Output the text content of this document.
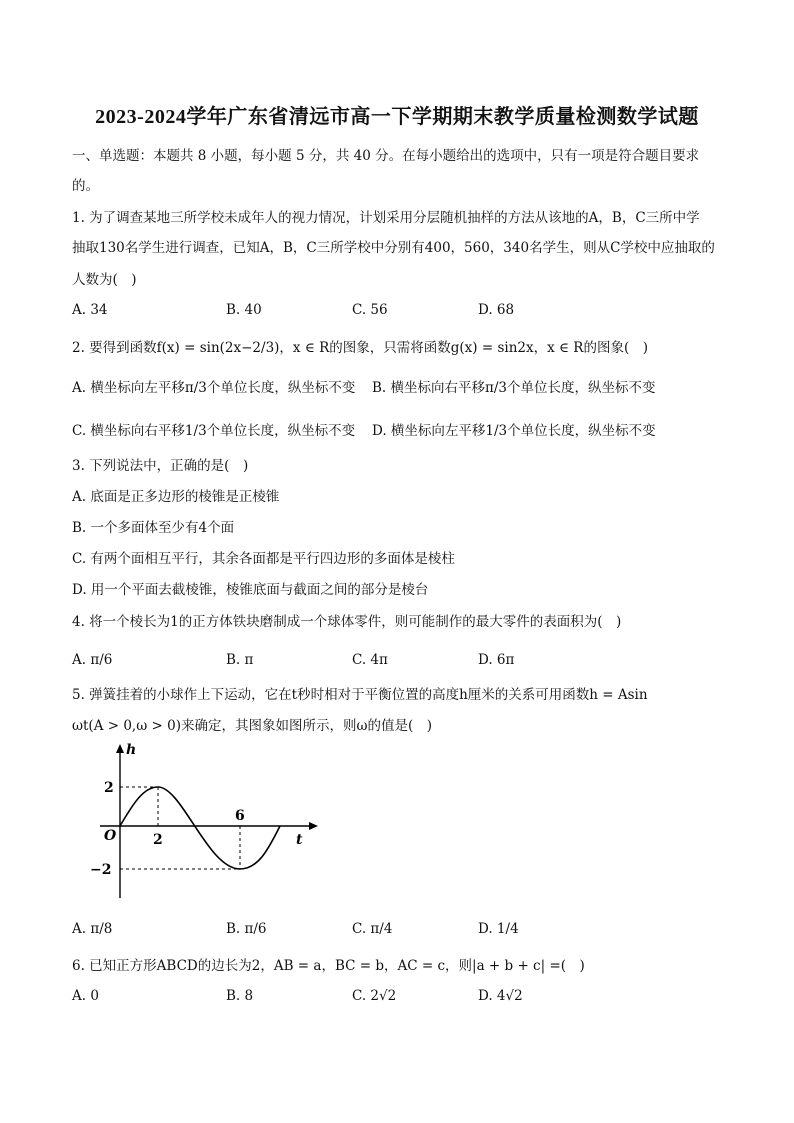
2023-2024学年广东省清远市高一下学期期末教学质量检测数学试题
一、单选题：本题共 8 小题，每小题 5 分，共 40 分。在每小题给出的选项中，只有一项是符合题目要求
的。
1. 为了调查某地三所学校未成年人的视力情况，计划采用分层随机抽样的方法从该地的A，B，C三所中学
抽取130名学生进行调查，已知A，B，C三所学校中分别有400，560，340名学生，则从C学校中应抽取的
人数为(　)
A. 34	B. 40	C. 56	D. 68
2. 要得到函数f(x) = sin(2x−2/3)，x ∈ R的图象，只需将函数g(x) = sin2x，x ∈ R的图象(　)
A. 横坐标向左平移π/3个单位长度，纵坐标不变 B. 横坐标向右平移π/3个单位长度，纵坐标不变
C. 横坐标向右平移1/3个单位长度，纵坐标不变 D. 横坐标向左平移1/3个单位长度，纵坐标不变
3. 下列说法中，正确的是(　)
A. 底面是正多边形的棱锥是正棱锥
B. 一个多面体至少有4个面
C. 有两个面相互平行，其余各面都是平行四边形的多面体是棱柱
D. 用一个平面去截棱锥，棱锥底面与截面之间的部分是棱台
4. 将一个棱长为1的正方体铁块磨制成一个球体零件，则可能制作的最大零件的表面积为(　)
A. π/6	B. π	C. 4π	D. 6π
5. 弹簧挂着的小球作上下运动，它在t秒时相对于平衡位置的高度h厘米的关系可用函数h = Asin
ωt(A > 0,ω > 0)来确定，其图象如图所示，则ω的值是(　)
h
t
O
2
−2
2
6
A. π/8	B. π/6	C. π/4	D. 1/4
6. 已知正方形ABCD的边长为2，AB = a，BC = b，AC = c，则|a + b + c| =(　)
A. 0	B. 8	C. 2√2	D. 4√2
